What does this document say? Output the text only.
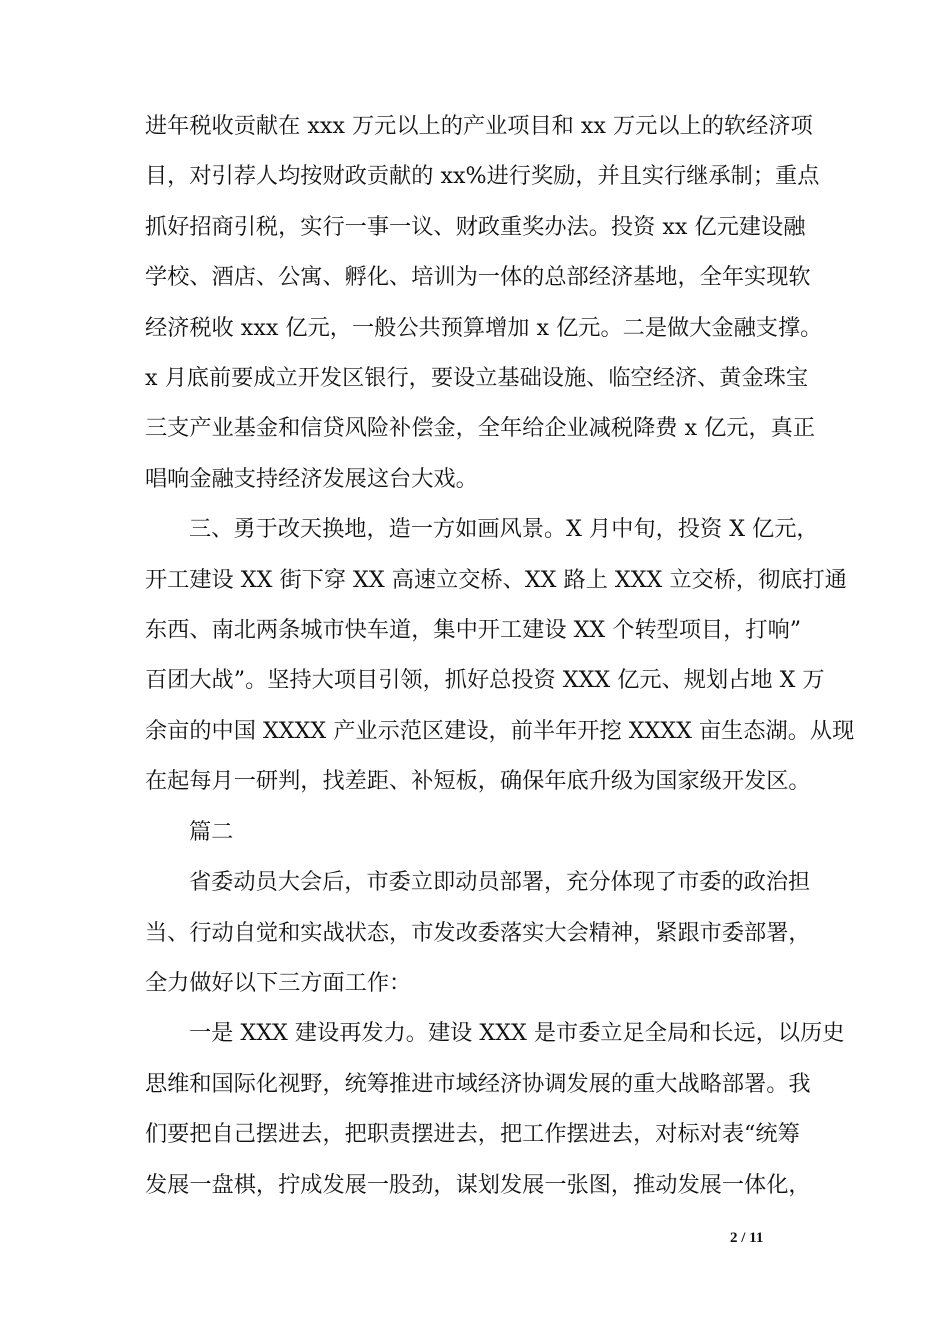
进年税收贡献在 xxx 万元以上的产业项目和 xx 万元以上的软经济项
目，对引荐人均按财政贡献的 xx%进行奖励，并且实行继承制；重点
抓好招商引税，实行一事一议、财政重奖办法。投资 xx 亿元建设融
学校、酒店、公寓、孵化、培训为一体的总部经济基地，全年实现软
经济税收 xxx 亿元，一般公共预算增加 x 亿元。二是做大金融支撑。
x 月底前要成立开发区银行，要设立基础设施、临空经济、黄金珠宝
三支产业基金和信贷风险补偿金，全年给企业减税降费 x 亿元，真正
唱响金融支持经济发展这台大戏。

三、勇于改天换地，造一方如画风景。X 月中旬，投资 X 亿元，
开工建设 XX 街下穿 XX 高速立交桥、XX 路上 XXX 立交桥，彻底打通
东西、南北两条城市快车道，集中开工建设 XX 个转型项目，打响”
百团大战”。坚持大项目引领，抓好总投资 XXX 亿元、规划占地 X 万
余亩的中国 XXXX 产业示范区建设，前半年开挖 XXXX 亩生态湖。从现
在起每月一研判，找差距、补短板，确保年底升级为国家级开发区。

篇二

省委动员大会后，市委立即动员部署，充分体现了市委的政治担
当、行动自觉和实战状态，市发改委落实大会精神，紧跟市委部署，
全力做好以下三方面工作：

一是 XXX 建设再发力。建设 XXX 是市委立足全局和长远，以历史
思维和国际化视野，统筹推进市域经济协调发展的重大战略部署。我
们要把自己摆进去，把职责摆进去，把工作摆进去，对标对表“统筹
发展一盘棋，拧成发展一股劲，谋划发展一张图，推动发展一体化，

2 / 11
